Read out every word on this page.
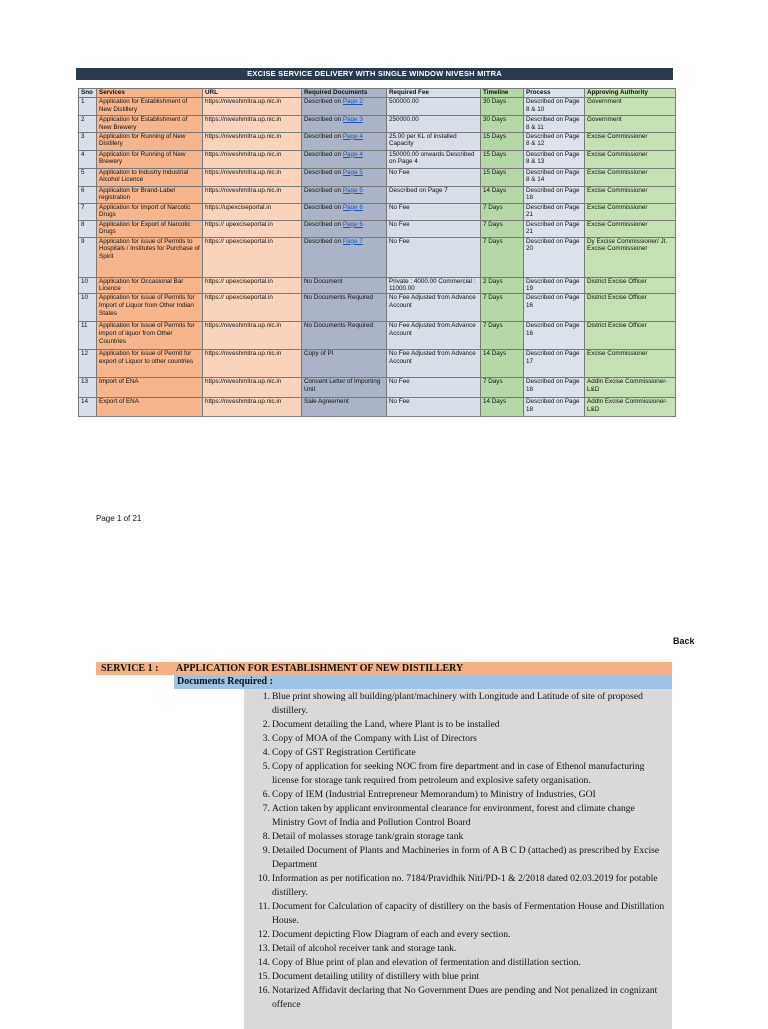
EXCISE SERVICE DELIVERY WITH SINGLE WINDOW NIVESH MITRA
Sno	Services	URL	Required Documents	Required Fee	Timeline	Process	Approving Authority
1	Application for Establishment of New Distillery	https://niveshmitra.up.nic.in	Described on Page 2	500000.00	30 Days	Described on Page 8 & 10	Government
2	Application for Establishment of New Brewery	https://niveshmitra.up.nic.in	Described on Page 3	250000.00	30 Days	Described on Page 8 & 11	Government
3	Application for Running of New Distillery	https://niveshmitra.up.nic.in	Described on Page 4	25.00 per KL of installed Capacity	15 Days	Described on Page 8 & 12	Excise Commissioner
4	Application for Running of New Brewery	https://niveshmitra.up.nic.in	Described on Page 4	150000.00 onwards Described on Page 4	15 Days	Described on Page 8 & 13	Excise Commissioner
5	Application to Industry Industrial Alcohol Licence	https://niveshmitra.up.nic.in	Described on Page 5	No Fee	15 Days	Described on Page 8 & 14	Excise Commissioner
6	Application for Brand-Label registration	https://niveshmitra.up.nic.in	Described on Page 5	Described on Page 7	14 Days	Described on Page 18	Excise Commissioner
7	Application for Import of Narcotic Drugs	https://upexciseportal.in	Described on Page 6	No Fee	7 Days	Described on Page 21	Excise Commissioner
8	Application for Export of Narcotic Drugs	https:// upexciseportal.in	Described on Page 6	No Fee	7 Days	Described on Page 21	Excise Commissioner
9	Application for issue of Permits to Hospitals / Institutes for Purchase of Spirit	https:// upexciseportal.in	Described on Page 7	No Fee	7 Days	Described on Page 20	Dy Excise Commissioner/ Jt. Excise Commissioner
10	Application for Occasional Bar Licence	https:// upexciseportal.in	No Document	Private : 4000.00 Commercial : 11000.00	2 Days	Described on Page 19	District Excise Officer
10	Application for issue of Permits for Import of Liquor from Other Indian States	https:// upexciseportal.in	No Documents Required	No Fee Adjusted from Advance Account	7 Days	Described on Page 16	District Excise Officer
11	Application for issue of Permits for import of liquor from Other Countries	https://niveshmitra.up.nic.in	No Documents Required	No Fee Adjusted from Advance Account	7 Days	Described on Page 16	District Excise Officer
12	Application for issue of Permit for export of Liquor to other countries	https://niveshmitra.up.nic.in	Copy of PI	No Fee Adjusted from Advance Account	14 Days	Described on Page 17	Excise Commissioner
13	Import of ENA	https://niveshmitra.up.nic.in	Consent Letter of Importing Unit	No Fee	7 Days	Described on Page 18	Addln Excise Commissioner-L&D
14	Export of ENA	https://niveshmitra.up.nic.in	Sale Agreement	No Fee	14 Days	Described on Page 18	Addln Excise Commissioner-L&D
Page 1 of 21
Back
SERVICE 1 : APPLICATION FOR ESTABLISHMENT OF NEW DISTILLERY
Documents Required :
1. Blue print showing all building/plant/machinery with Longitude and Latitude of site of proposed distillery.
2. Document detailing the Land, where Plant is to be installed
3. Copy of MOA of the Company with List of Directors
4. Copy of GST Registration Certificate
5. Copy of application for seeking NOC from fire department and in case of Ethenol manufacturing license for storage tank required from petroleum and explosive safety organisation.
6. Copy of IEM (Industrial Entrepreneur Memorandum) to Ministry of Industries, GOI
7. Action taken by applicant environmental clearance for environment, forest and climate change Ministry Govt of India and Pollution Control Board
8. Detail of molasses storage tank/grain storage tank
9. Detailed Document of Plants and Machineries in form of A B C D (attached) as prescribed by Excise Department
10. Information as per notification no. 7184/Pravidhik Niti/PD-1 & 2/2018 dated 02.03.2019 for potable distillery.
11. Document for Calculation of capacity of distillery on the basis of Fermentation House and Distillation House.
12. Document depicting Flow Diagram of each and every section.
13. Detail of alcohol receiver tank and storage tank.
14. Copy of Blue print of plan and elevation of fermentation and distillation section.
15. Document detailing utility of distillery with blue print
16. Notarized Affidavit declaring that No Government Dues are pending and Not penalized in cognizant offence
